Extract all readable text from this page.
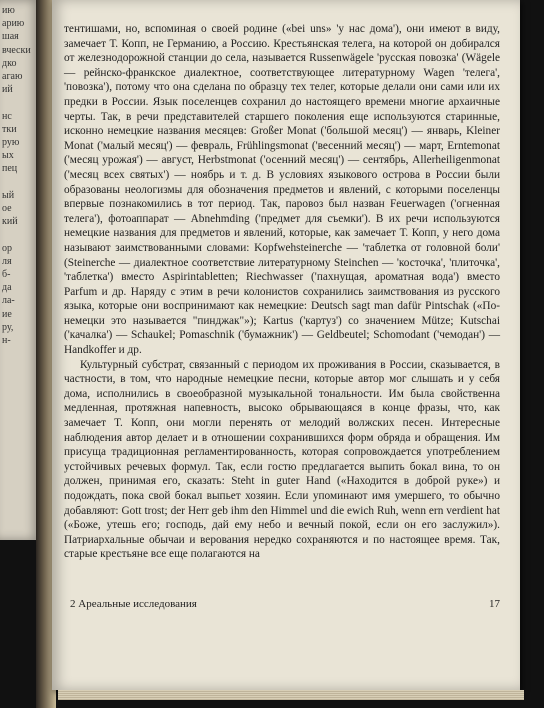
ию
арию
шая
вчески
дко
агаю
ий

нс
тки
рую
ых
пец

ый
ое
кий

ор
ля
б-
да
ла-
ие
ру,
н-

тентишами, но, вспоминая о своей родине («bei uns» 'у нас дома'), они имеют в виду, замечает Т. Копп, не Германию, а Россию. Крестьянская телега, на которой он добирался от железнодорожной станции до села, называется Russenwägele 'русская повозка' (Wägele — рейнско-франкское диалектное, соответствующее литературному Wagen 'телега', 'повозка'), потому что она сделана по образцу тех телег, которые делали они сами или их предки в России. Язык поселенцев сохранил до настоящего времени многие архаичные черты. Так, в речи представителей старшего поколения еще используются старинные, исконно немецкие названия месяцев: Großer Monat ('большой месяц') — январь, Kleiner Monat ('малый месяц') — февраль, Frühlingsmonat ('весенний месяц') — март, Erntemonat ('месяц урожая') — август, Herbstmonat ('осенний месяц') — сентябрь, Allerheiligenmonat ('месяц всех святых') — ноябрь и т. д. В условиях языкового острова в России были образованы неологизмы для обозначения предметов и явлений, с которыми поселенцы впервые познакомились в тот период. Так, паровоз был назван Feuerwagen ('огненная телега'), фотоаппарат — Abnehmding ('предмет для съемки'). В их речи используются немецкие названия для предметов и явлений, которые, как замечает Т. Копп, у него дома называют заимствованными словами: Kopfwehsteinerche — 'таблетка от головной боли' (Steinerche — диалектное соответствие литературному Steinchen — 'косточка', 'плиточка', 'таблетка') вместо Aspirintabletten; Riechwasser ('пахнущая, ароматная вода') вместо Parfum и др. Наряду с этим в речи колонистов сохранились заимствования из русского языка, которые они воспринимают как немецкие: Deutsch sagt man dafür Pintschak («По-немецки это называется "пинджак"»); Kartus ('картуз') со значением Mütze; Kutschai ('качалка') — Schaukel; Pomaschnik ('бумажник') — Geldbeutel; Schomodant ('чемодан') — Handkoffer и др.

Культурный субстрат, связанный с периодом их проживания в России, сказывается, в частности, в том, что народные немецкие песни, которые автор мог слышать и у себя дома, исполнились в своеобразной музыкальной тональности. Им была свойственна медленная, протяжная напевность, высоко обрывающаяся в конце фразы, что, как замечает Т. Копп, они могли перенять от мелодий волжских песен. Интересные наблюдения автор делает и в отношении сохранившихся форм обряда и обращения. Им присуща традиционная регламентированность, которая сопровождается употреблением устойчивых речевых формул. Так, если гостю предлагается выпить бокал вина, то он должен, принимая его, сказать: Steht in guter Hand («Находится в доброй руке») и подождать, пока свой бокал выпьет хозяин. Если упоминают имя умершего, то обычно добавляют: Gott trost; der Herr geb ihm den Himmel und die ewich Ruh, wenn ern verdient hat («Боже, утешь его; господь, дай ему небо и вечный покой, если он его заслужил»). Патриархальные обычаи и верования нередко сохраняются и по настоящее время. Так, старые крестьяне все еще полагаются на

2 Ареальные исследования	17
